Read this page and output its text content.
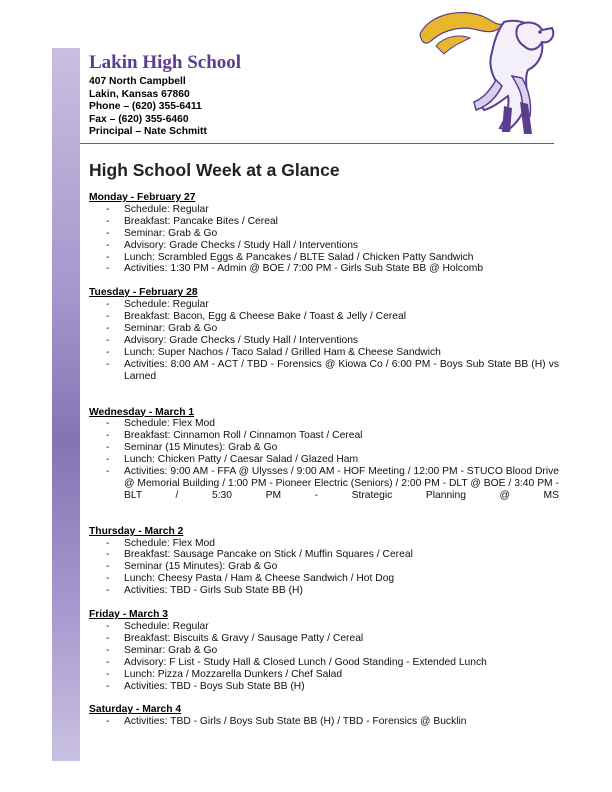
Lakin High School
407 North Campbell
Lakin, Kansas 67860
Phone – (620) 355-6411
Fax – (620) 355-6460
Principal – Nate Schmitt
High School Week at a Glance
Monday - February 27
- Schedule: Regular
- Breakfast: Pancake Bites / Cereal
- Seminar: Grab & Go
- Advisory: Grade Checks / Study Hall / Interventions
- Lunch: Scrambled Eggs & Pancakes / BLTE Salad / Chicken Patty Sandwich
- Activities: 1:30 PM - Admin @ BOE / 7:00 PM - Girls Sub State BB @ Holcomb
Tuesday - February 28
- Schedule: Regular
- Breakfast: Bacon, Egg & Cheese Bake / Toast & Jelly / Cereal
- Seminar: Grab & Go
- Advisory: Grade Checks / Study Hall / Interventions
- Lunch: Super Nachos / Taco Salad / Grilled Ham & Cheese Sandwich
- Activities: 8:00 AM - ACT / TBD - Forensics @ Kiowa Co / 6:00 PM - Boys Sub State BB (H) vs Larned
Wednesday - March 1
- Schedule: Flex Mod
- Breakfast: Cinnamon Roll / Cinnamon Toast / Cereal
- Seminar (15 Minutes): Grab & Go
- Lunch: Chicken Patty / Caesar Salad / Glazed Ham
- Activities: 9:00 AM - FFA @ Ulysses / 9:00 AM - HOF Meeting / 12:00 PM - STUCO Blood Drive @ Memorial Building / 1:00 PM - Pioneer Electric (Seniors) / 2:00 PM - DLT @ BOE / 3:40 PM - BLT / 5:30 PM - Strategic Planning @ MS
Thursday - March 2
- Schedule: Flex Mod
- Breakfast: Sausage Pancake on Stick / Muffin Squares / Cereal
- Seminar (15 Minutes): Grab & Go
- Lunch: Cheesy Pasta / Ham & Cheese Sandwich / Hot Dog
- Activities: TBD - Girls Sub State BB (H)
Friday - March 3
- Schedule: Regular
- Breakfast: Biscuits & Gravy / Sausage Patty / Cereal
- Seminar: Grab & Go
- Advisory: F List - Study Hall & Closed Lunch / Good Standing - Extended Lunch
- Lunch: Pizza / Mozzarella Dunkers / Chef Salad
- Activities: TBD - Boys Sub State BB (H)
Saturday - March 4
- Activities: TBD - Girls / Boys Sub State BB (H) / TBD - Forensics @ Bucklin
